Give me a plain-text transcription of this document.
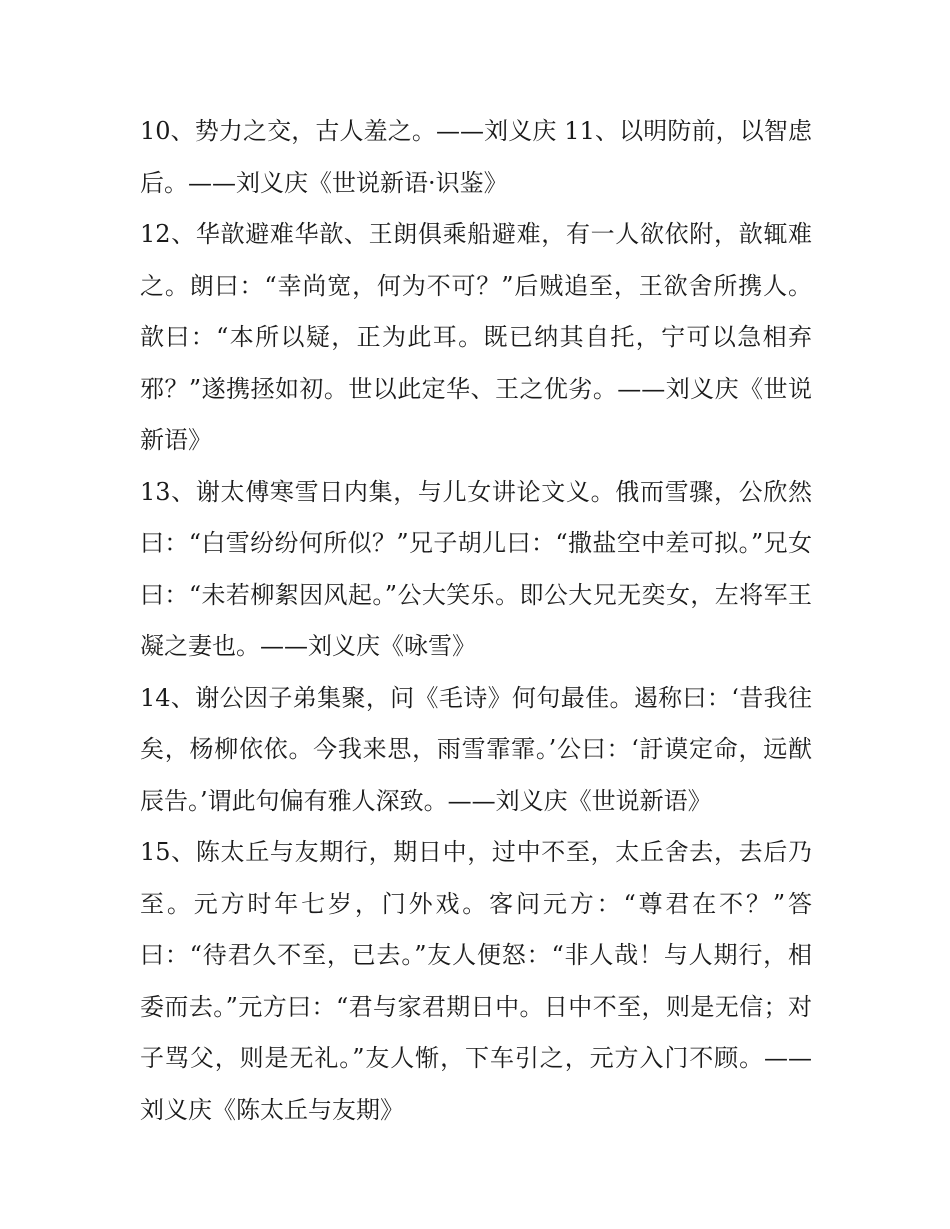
10、势力之交，古人羞之。——刘义庆 11、以明防前，以智虑后。——刘义庆《世说新语·识鉴》

12、华歆避难华歆、王朗俱乘船避难，有一人欲依附，歆辄难之。朗曰：“幸尚宽，何为不可？”后贼追至，王欲舍所携人。歆曰：“本所以疑，正为此耳。既已纳其自托，宁可以急相弃邪？”遂携拯如初。世以此定华、王之优劣。——刘义庆《世说新语》

13、谢太傅寒雪日内集，与儿女讲论文义。俄而雪骤，公欣然曰：“白雪纷纷何所似？”兄子胡儿曰：“撒盐空中差可拟。”兄女曰：“未若柳絮因风起。”公大笑乐。即公大兄无奕女，左将军王凝之妻也。——刘义庆《咏雪》

14、谢公因子弟集聚，问《毛诗》何句最佳。遏称曰：‘昔我往矣，杨柳依依。今我来思，雨雪霏霏。’公曰：‘訏谟定命，远猷辰告。’谓此句偏有雅人深致。——刘义庆《世说新语》

15、陈太丘与友期行，期日中，过中不至，太丘舍去，去后乃至。元方时年七岁，门外戏。客问元方：“尊君在不？”答曰：“待君久不至，已去。”友人便怒：“非人哉！与人期行，相委而去。”元方曰：“君与家君期日中。日中不至，则是无信；对子骂父，则是无礼。”友人惭，下车引之，元方入门不顾。——刘义庆《陈太丘与友期》
